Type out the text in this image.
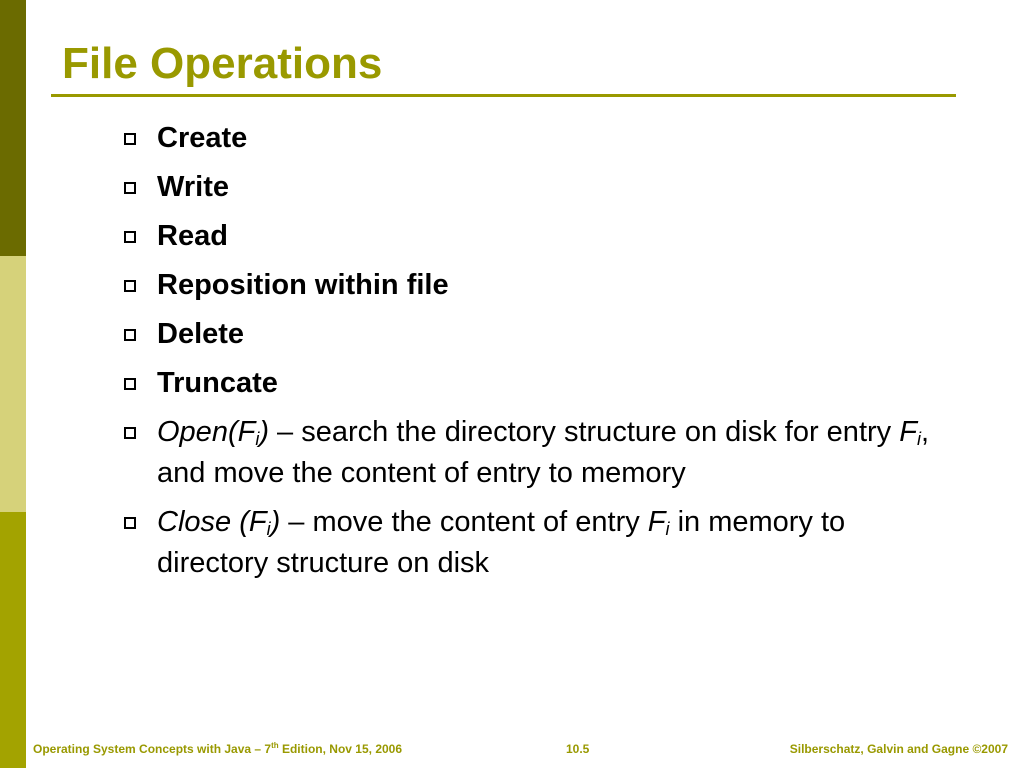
File Operations
Create
Write
Read
Reposition within file
Delete
Truncate
$Open(F_i)$ – search the directory structure on disk for entry $F_i$, and move the content of entry to memory
Close $(F_i)$ – move the content of entry $F_i$ in memory to directory structure on disk
Operating System Concepts with Java – 7th Edition, Nov 15, 2006	10.5	Silberschatz, Galvin and Gagne ©2007
